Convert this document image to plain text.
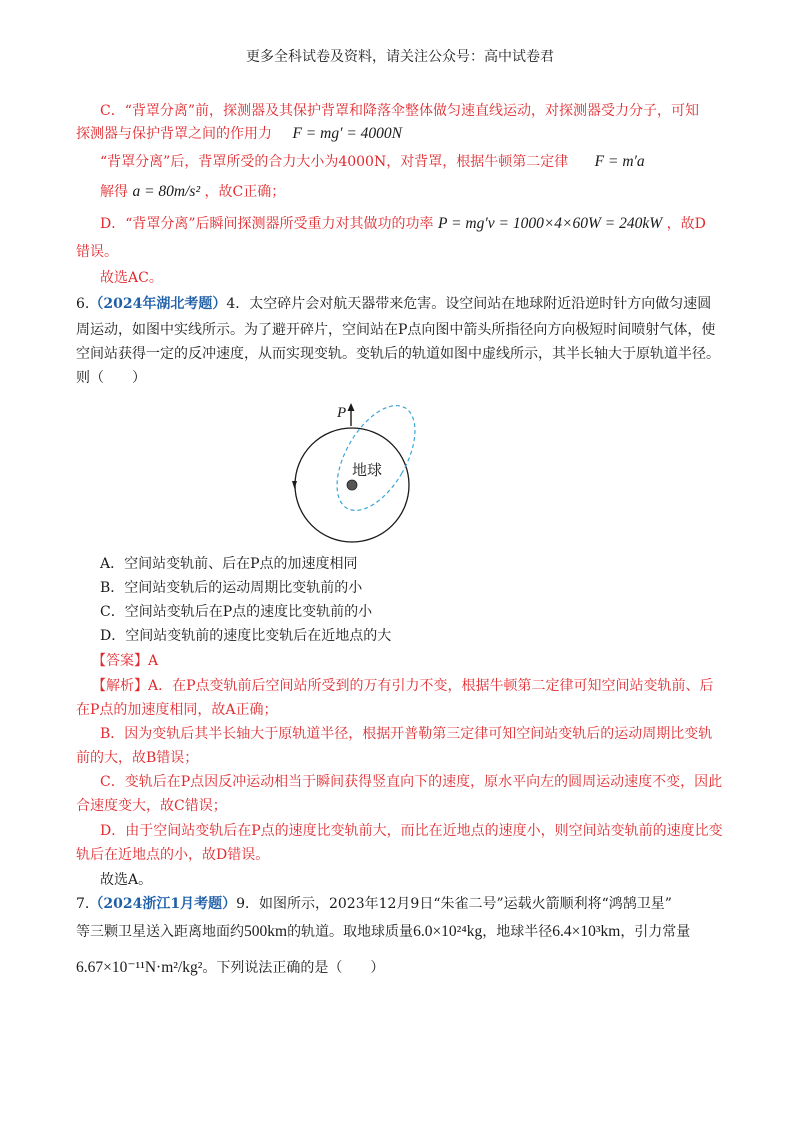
更多全科试卷及资料，请关注公众号：高中试卷君
C．“背罩分离”前，探测器及其保护背罩和降落伞整体做匀速直线运动，对探测器受力分子，可知
探测器与保护背罩之间的作用力 F = mg′ = 4000N
“背罩分离”后，背罩所受的合力大小为4000N，对背罩，根据牛顿第二定律 F = m′a
解得 a = 80m/s² ，故C正确；
D．“背罩分离”后瞬间探测器所受重力对其做功的功率 P = mg′v = 1000×4×60W = 240kW ，故D
错误。
故选AC。
6.（2024年湖北考题）4．太空碎片会对航天器带来危害。设空间站在地球附近沿逆时针方向做匀速圆
周运动，如图中实线所示。为了避开碎片，空间站在P点向图中箭头所指径向方向极短时间喷射气体，使
空间站获得一定的反冲速度，从而实现变轨。变轨后的轨道如图中虚线所示，其半长轴大于原轨道半径。
则（　　）
P
地球
A．空间站变轨前、后在P点的加速度相同
B．空间站变轨后的运动周期比变轨前的小
C．空间站变轨后在P点的速度比变轨前的小
D．空间站变轨前的速度比变轨后在近地点的大
【答案】A
【解析】A．在P点变轨前后空间站所受到的万有引力不变，根据牛顿第二定律可知空间站变轨前、后
在P点的加速度相同，故A正确；
B．因为变轨后其半长轴大于原轨道半径，根据开普勒第三定律可知空间站变轨后的运动周期比变轨
前的大，故B错误；
C．变轨后在P点因反冲运动相当于瞬间获得竖直向下的速度，原水平向左的圆周运动速度不变，因此
合速度变大，故C错误；
D．由于空间站变轨后在P点的速度比变轨前大，而比在近地点的速度小，则空间站变轨前的速度比变
轨后在近地点的小，故D错误。
故选A。
7.（2024浙江1月考题）9．如图所示，2023年12月9日“朱雀二号”运载火箭顺利将“鸿鹄卫星”
等三颗卫星送入距离地面约500km的轨道。取地球质量6.0×10²⁴kg，地球半径6.4×10³km，引力常量
6.67×10⁻¹¹N·m²/kg²。下列说法正确的是（　　）
